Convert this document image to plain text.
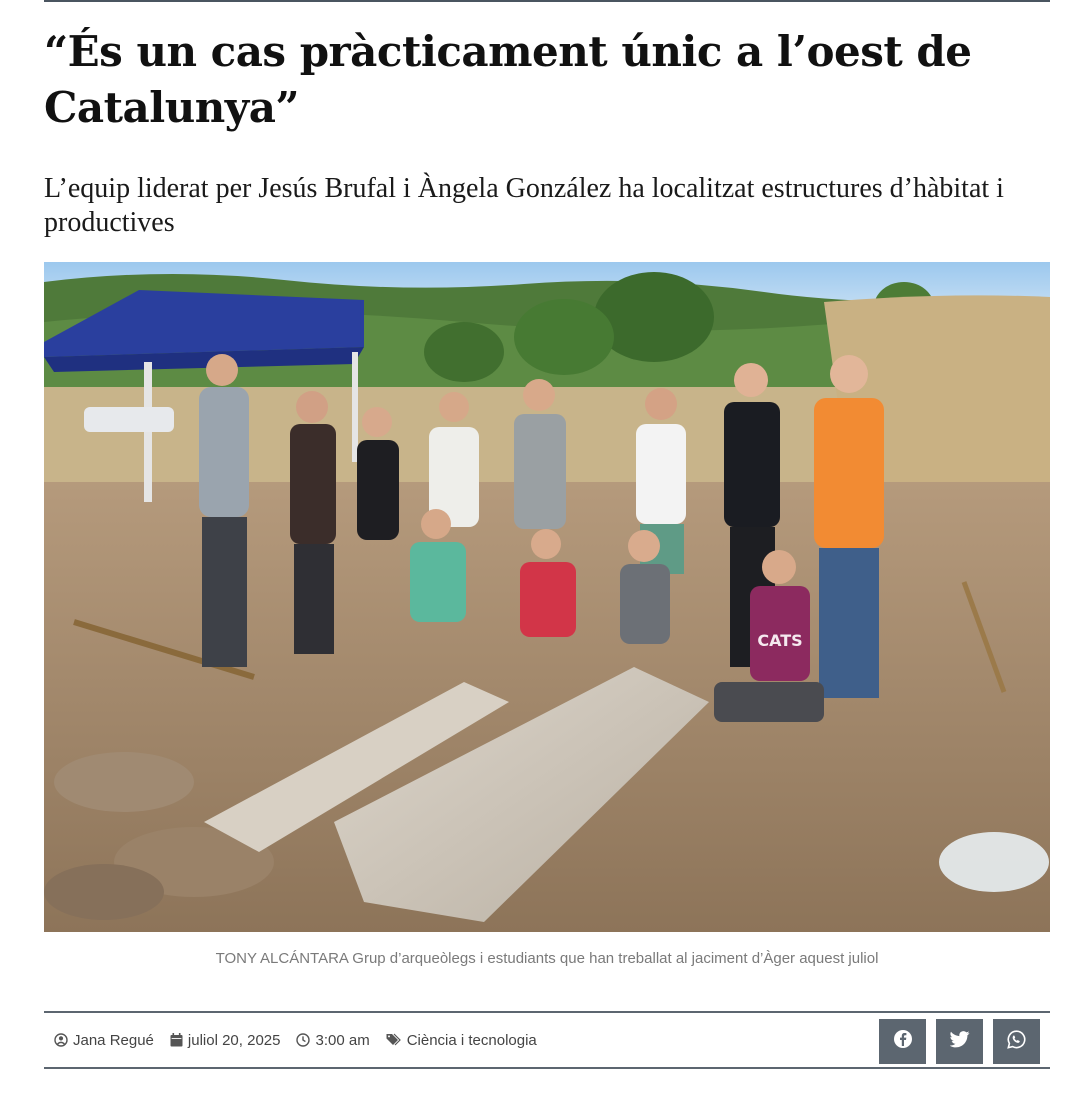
“És un cas pràcticament únic a l’oest de Catalunya”

L’equip liderat per Jesús Brufal i Àngela González ha localitzat estructures d’hàbitat i productives

CATS
TONY ALCÁNTARA Grup d’arqueòlegs i estudiants que han treballat al jaciment d’Àger aquest juliol
Jana Regué juliol 20, 2025 3:00 am Ciència i tecnologia
